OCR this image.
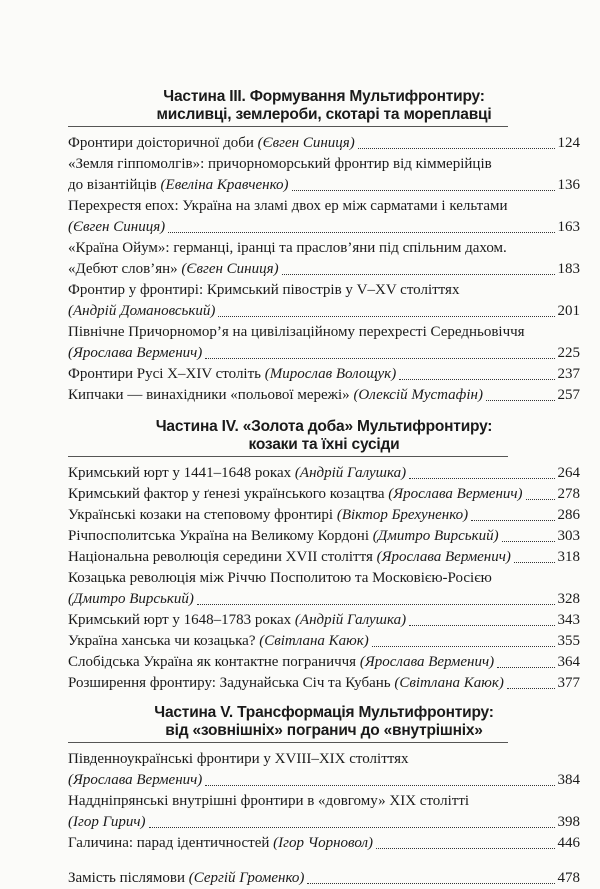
Частина ІІІ. Формування Мультифронтиру:
мисливці, землероби, скотарі та мореплавці
Фронтири доісторичної доби (Євген Синиця)	124
«Земля гіппомолгів»: причорноморський фронтир від кіммерійців
до візантійців (Евеліна Кравченко)	136
Перехрестя епох: Україна на зламі двох ер між сарматами і кельтами
(Євген Синиця)	163
«Країна Ойум»: германці, іранці та праслов’яни під спільним дахом.
«Дебют слов’ян» (Євген Синиця)	183
Фронтир у фронтирі: Кримський півострів у V–XV століттях
(Андрій Домановський)	201
Північне Причорномор’я на цивілізаційному перехресті Середньовіччя
(Ярослава Верменич)	225
Фронтири Русі X–XIV століть (Мирослав Волощук)	237
Кипчаки — винахідники «польової мережі» (Олексій Мустафін)	257
Частина IV. «Золота доба» Мультифронтиру:
козаки та їхні сусіди
Кримський юрт у 1441–1648 роках (Андрій Галушка)	264
Кримський фактор у ґенезі українського козацтва (Ярослава Верменич) 278
Українські козаки на степовому фронтирі (Віктор Брехуненко)	286
Річпосполитська Україна на Великому Кордоні (Дмитро Вирський)	303
Національна революція середини XVII століття (Ярослава Верменич)	318
Козацька революція між Річчю Посполитою та Московією-Росією
(Дмитро Вирський)	328
Кримський юрт у 1648–1783 роках (Андрій Галушка)	343
Україна ханська чи козацька? (Світлана Каюк)	355
Слобідська Україна як контактне пограниччя (Ярослава Верменич)	364
Розширення фронтиру: Задунайська Січ та Кубань (Світлана Каюк)	377
Частина V. Трансформація Мультифронтиру:
від «зовнішніх» погранич до «внутрішніх»
Південноукраїнські фронтири у XVIII–XIX століттях
(Ярослава Верменич)	384
Наддніпрянські внутрішні фронтири в «довгому» XIX столітті
(Ігор Гирич)	398
Галичина: парад ідентичностей (Ігор Чорновол)	446
Замість післямови (Сергій Громенко)	478
